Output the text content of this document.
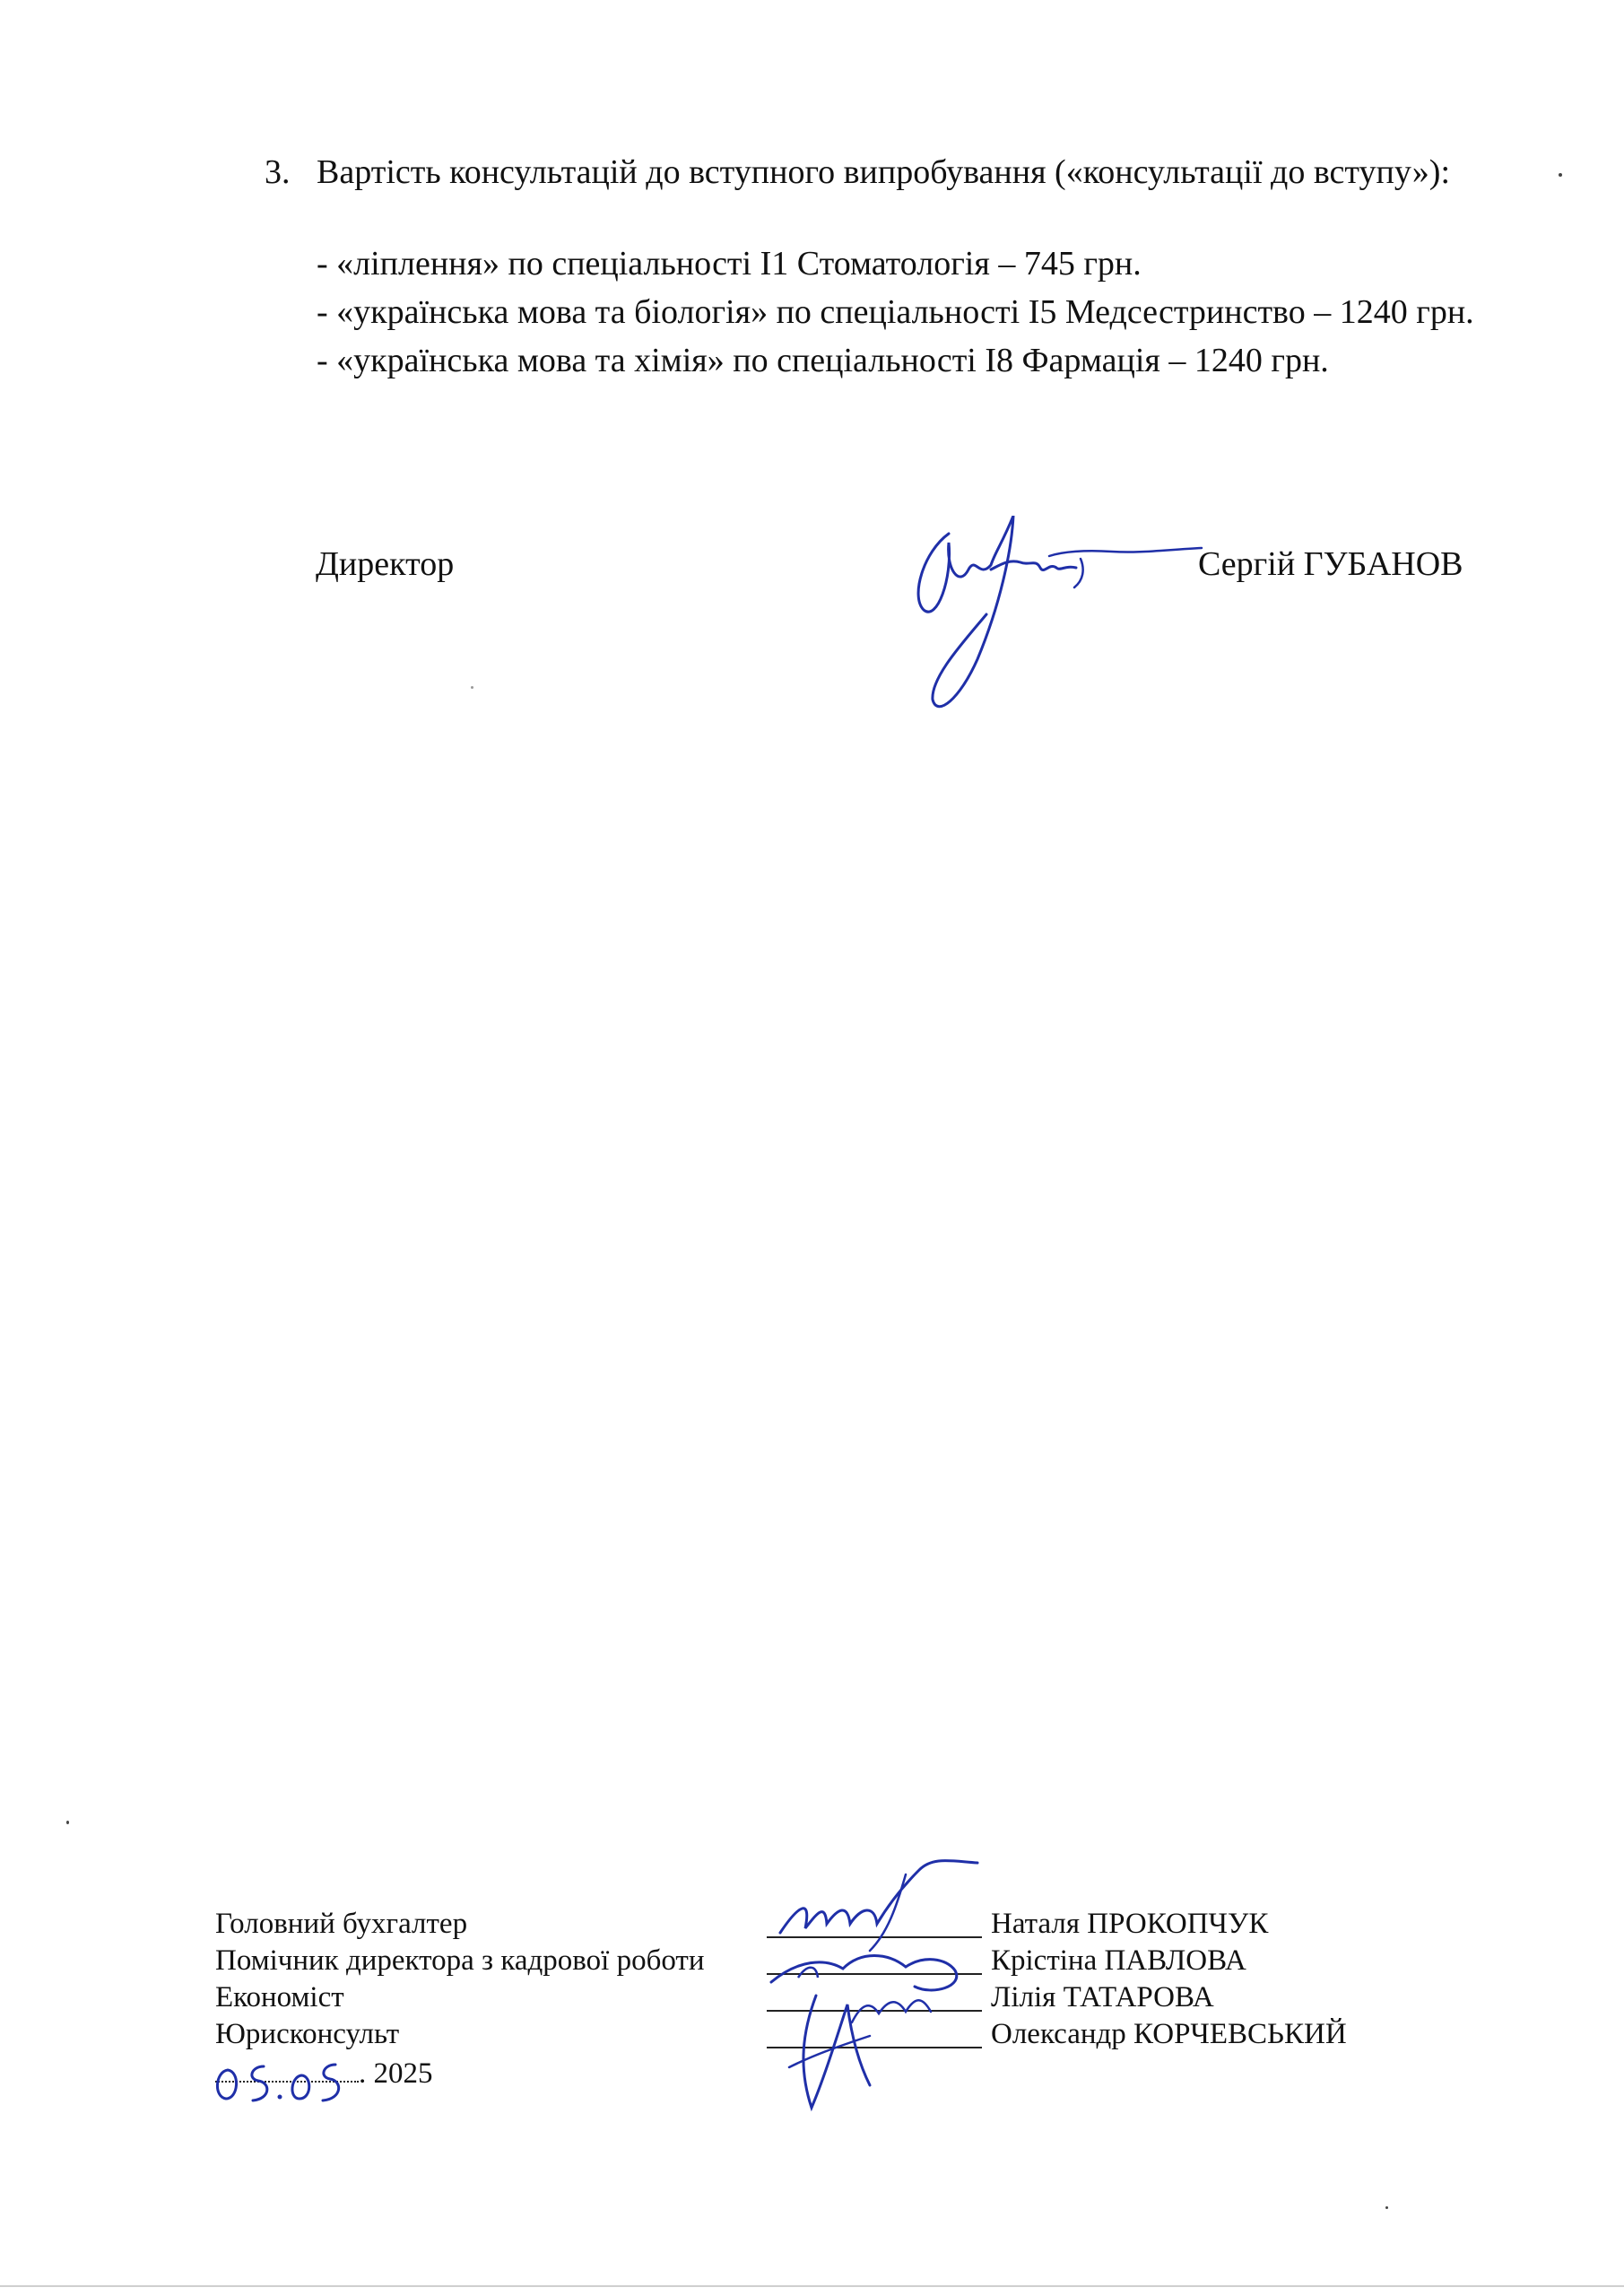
3. Вартість консультацій до вступного випробування («консультації до вступу»):
- «ліплення» по спеціальності І1 Стоматологія – 745 грн.
- «українська мова та біологія» по спеціальності І5 Медсестринство – 1240 грн.
- «українська мова та хімія» по спеціальності І8 Фармація – 1240 грн.
Директор	Сергій ГУБАНОВ
Головний бухгалтер	Наталя ПРОКОПЧУК
Помічник директора з кадрової роботи	Крістіна ПАВЛОВА
Економіст	Лілія ТАТАРОВА
Юрисконсульт	Олександр КОРЧЕВСЬКИЙ
. 2025
